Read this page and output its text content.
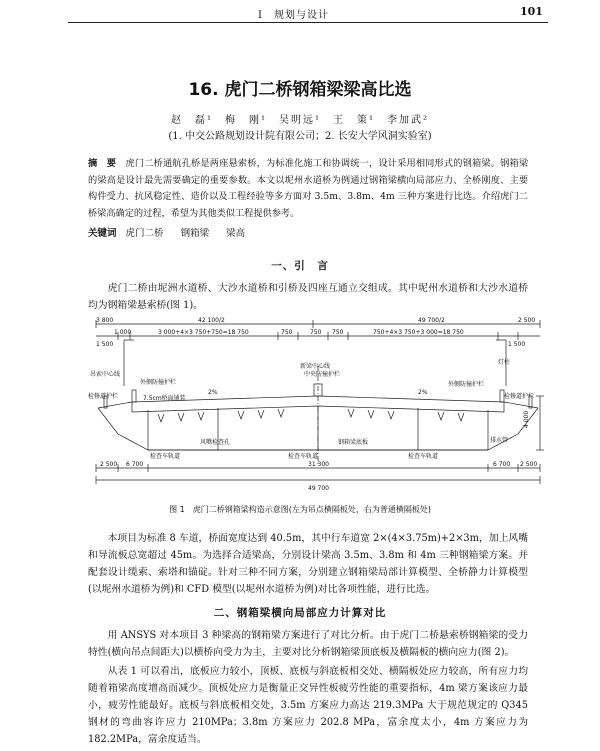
Ⅰ　规划与设计	101
16. 虎门二桥钢箱梁梁高比选
赵　磊¹　梅　刚¹　吴明远¹　王　策¹　李加武²
(1. 中交公路规划设计院有限公司；2. 长安大学风洞实验室)
摘　要　 虎门二桥通航孔桥是两座悬索桥，为标准化施工和协调统一，设计采用相同形式的钢箱梁。钢箱梁的梁高是设计最先需要确定的重要参数。本文以坭州水道桥为例通过钢箱梁横向局部应力、全桥刚度、主要构件受力、抗风稳定性、造价以及工程经验等多方面对 3.5m、3.8m、4m 三种方案进行比选。介绍虎门二桥梁高确定的过程，希望为其他类似工程提供参考。
关键词 虎门二桥 钢箱梁 梁高
一、引　言
虎门二桥由坭洲水道桥、大沙水道桥和引桥及四座互通立交组成。其中坭州水道桥和大沙水道桥均为钢箱梁悬索桥(图 1)。
42 100/2	49 700/2
3 800	2 500
1 500	1 500
1 000	3 000+4×3 750+750=18 750	750	750 750	750+4×3 750+3 000=18 750
2 500 6 700	31 300	6 700 2 500
49 700
4 000
2%	2%
吊索中心线
检修道护栏
外侧防撞护栏
7.5cm桥面铺装
新梁中心线
中央防撞护栏
灯柱
外侧防撞护栏
检修道护栏
排水管
检查车轨道	检查车轨道
检查车轨道
风嘴检查孔	钢箱梁底板
图 1　虎门二桥钢箱梁构造示意图(左为吊点横隔板处，右为普通横隔板处)
本项目为标准 8 车道，桥面宽度达到 40.5m，其中行车道宽 2×(4×3.75m)+2×3m，加上风嘴和导流板总宽超过 45m。为选择合适梁高，分别设计梁高 3.5m、3.8m 和 4m 三种钢箱梁方案。并配套设计缆索、索塔和锚碇。针对三种不同方案，分别建立钢箱梁局部计算模型、全桥静力计算模型(以坭州水道桥为例)和 CFD 模型(以坭州水道桥为例)对比各项性能，进行比选。
二、钢箱梁横向局部应力计算对比
用 ANSYS 对本项目 3 种梁高的钢箱梁方案进行了对比分析。由于虎门二桥悬索桥钢箱梁的受力特性(横向吊点间距大)以横桥向受力为主，主要对比分析钢箱梁顶底板及横隔板的横向应力(图 2)。
从表 1 可以看出，底板应力较小，顶板、底板与斜底板相交处、横隔板处应力较高，所有应力均随着箱梁高度增高而减少。顶板处应力是衡量正交异性板疲劳性能的重要指标，4m 梁方案该应力最小，疲劳性能最好。底板与斜底板相交处，3.5m 方案应力高达 219.3MPa 大于规范规定的 Q345 钢材的弯曲容许应力 210MPa；3.8m 方案应力 202.8 MPa，富余度太小，4m 方案应力为 182.2MPa，富余度适当。
